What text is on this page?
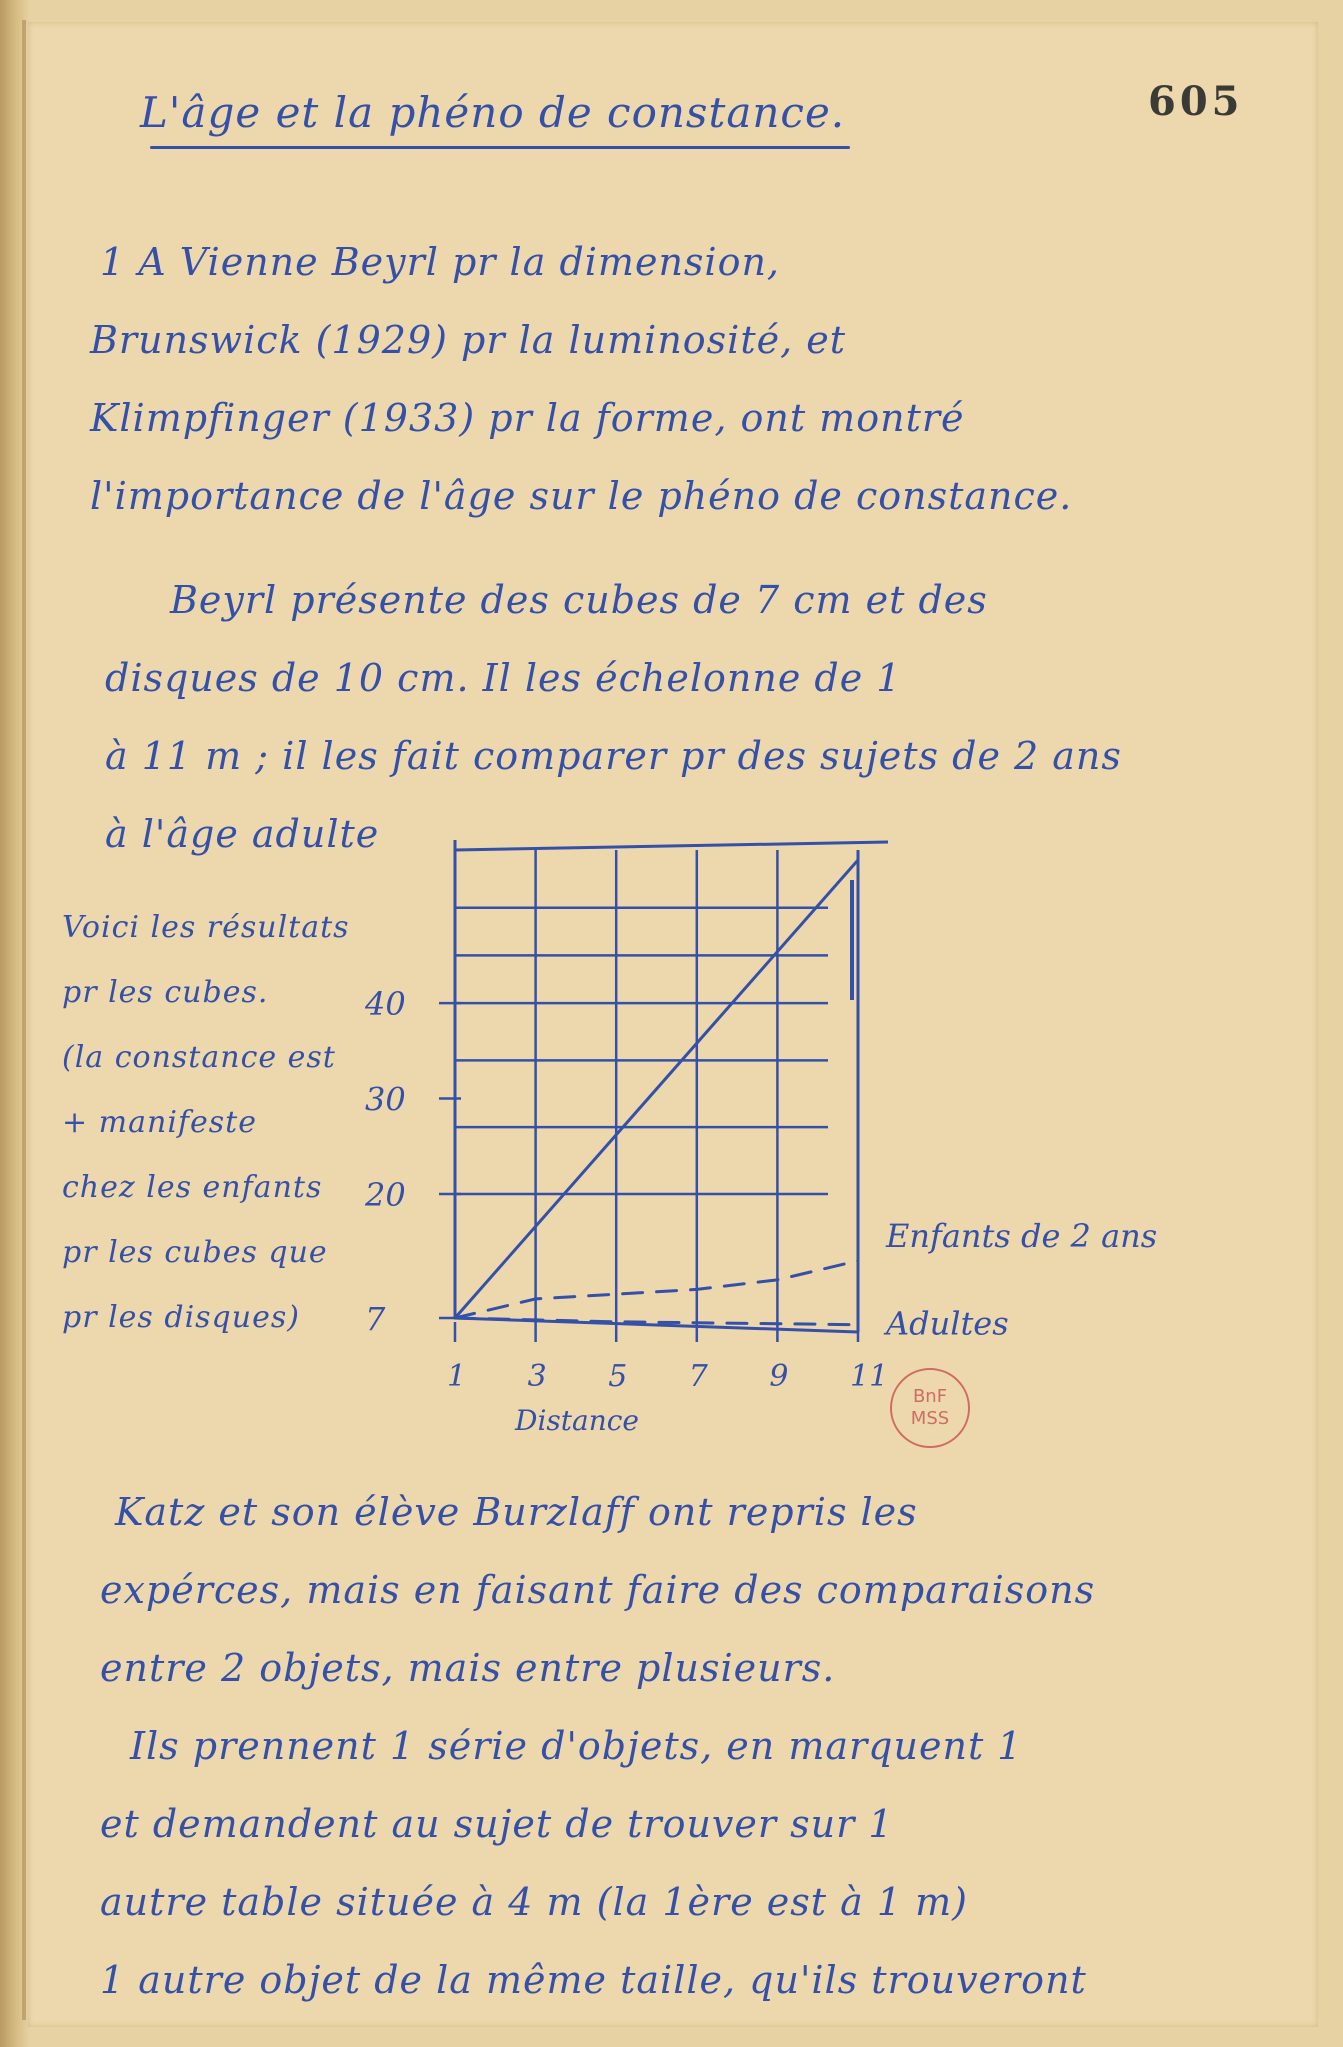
L'âge et la phéno de constance.	605
1 A Vienne Beyrl pr la dimension,
Brunswick (1929) pr la luminosité, et
Klimpfinger (1933) pr la forme, ont montré
l'importance de l'âge sur le phéno de constance.
Beyrl présente des cubes de 7 cm et des
disques de 10 cm. Il les échelonne de 1
à 11 m ; il les fait comparer pr des sujets de 2 ans
à l'âge adulte
Voici les résultats
pr les cubes.
(la constance est
+ manifeste
chez les enfants
pr les cubes que
pr les disques)
1 3 5 7 9 11
7
20
30
40
Distance
Enfants de 2 ans
Adultes
BnF
MSS
Katz et son élève Burzlaff ont repris les
expérces, mais en faisant faire des comparaisons
entre 2 objets, mais entre plusieurs.
Ils prennent 1 série d'objets, en marquent 1
et demandent au sujet de trouver sur 1
autre table située à 4 m (la 1ère est à 1 m)
1 autre objet de la même taille, qu'ils trouveront
